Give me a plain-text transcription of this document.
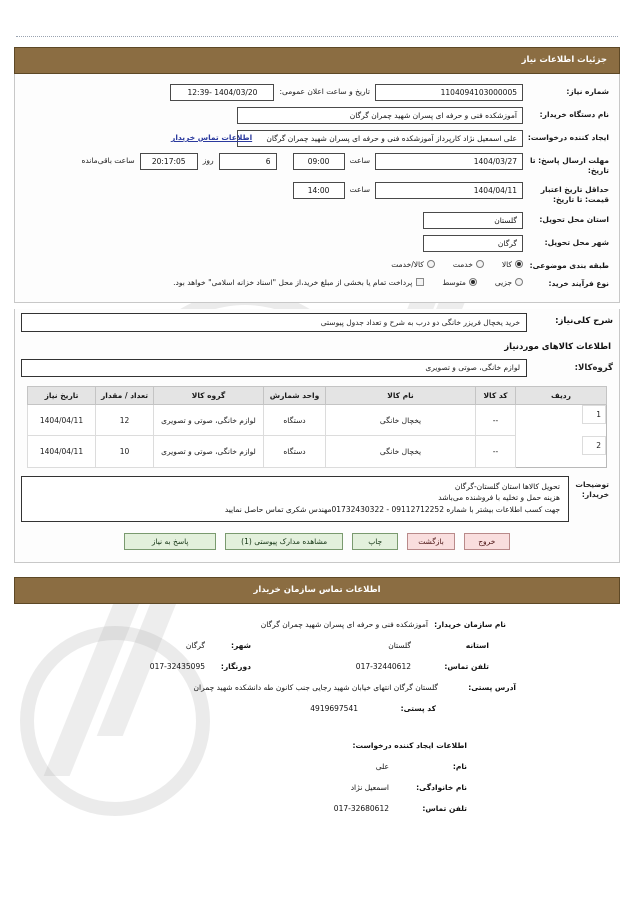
جزئیات اطلاعات نیاز
شماره نیاز:
1104094103000005
تاریخ و ساعت اعلان عمومی:
1404/03/20 -12:39
نام دستگاه خریدار:
آموزشکده فنی و حرفه ای پسران شهید چمران گرگان
ایجاد کننده درخواست:
علی اسمعیل نژاد کارپرداز آموزشکده فنی و حرفه ای پسران شهید چمران گرگان
اطلاعات تماس خریدار
مهلت ارسال پاسخ: تا تاریخ:
1404/03/27
ساعت
09:00
6
روز
20:17:05
ساعت باقی‌مانده
حداقل تاریخ اعتبار قیمت: تا تاریخ:
1404/04/11
ساعت
14:00
استان محل تحویل:
گلستان
شهر محل تحویل:
گرگان
طبقه بندی موضوعی:
کالا
خدمت
کالا/خدمت
نوع فرآیند خرید:
جزیی
متوسط
پرداخت تمام یا بخشی از مبلغ خرید،از محل "اسناد خزانه اسلامی" خواهد بود.
شرح کلی‌نیاز:
خرید یخچال فریزر خانگی دو درب به شرح و تعداد جدول پیوستی
اطلاعات کالاهای موردنیاز
گروه‌کالا:
لوازم خانگی، صوتی و تصویری
ردیف	کد کالا	نام کالا	واحد شمارش	گروه کالا	تعداد / مقدار	تاریخ نیاز

1
--	یخچال خانگی	دستگاه	لوازم خانگی، صوتی و تصویری	12	1404/04/11

2
--	یخچال خانگی	دستگاه	لوازم خانگی، صوتی و تصویری	10	1404/04/11
توضیحات خریدار:
تحویل کالاها استان گلستان-گرگان
هزینه حمل و تخلیه با فروشنده می‌باشد
جهت کسب اطلاعات بیشتر با شماره 09112712252 - 01732430322مهندس شکری تماس حاصل نمایید
خروج
بازگشت
چاپ
مشاهده مدارک پیوستی (1)
پاسخ به نیاز
اطلاعات تماس سازمان خریدار
نام سازمان خریدار:
آموزشکده فنی و حرفه ای پسران شهید چمران گرگان
استانه
گلستان
شهر:
گرگان
تلفن تماس:
017-32440612
دورنگار:
017-32435095
آدرس پستی:
گلستان گرگان انتهای خیابان شهید رجایی جنب کانون طه دانشکده شهید چمران
کد پستی:
4919697541
اطلاعات ایجاد کننده درخواست:
نام:
علی
نام خانوادگی:
اسمعیل نژاد
تلفن تماس:
017-32680612
